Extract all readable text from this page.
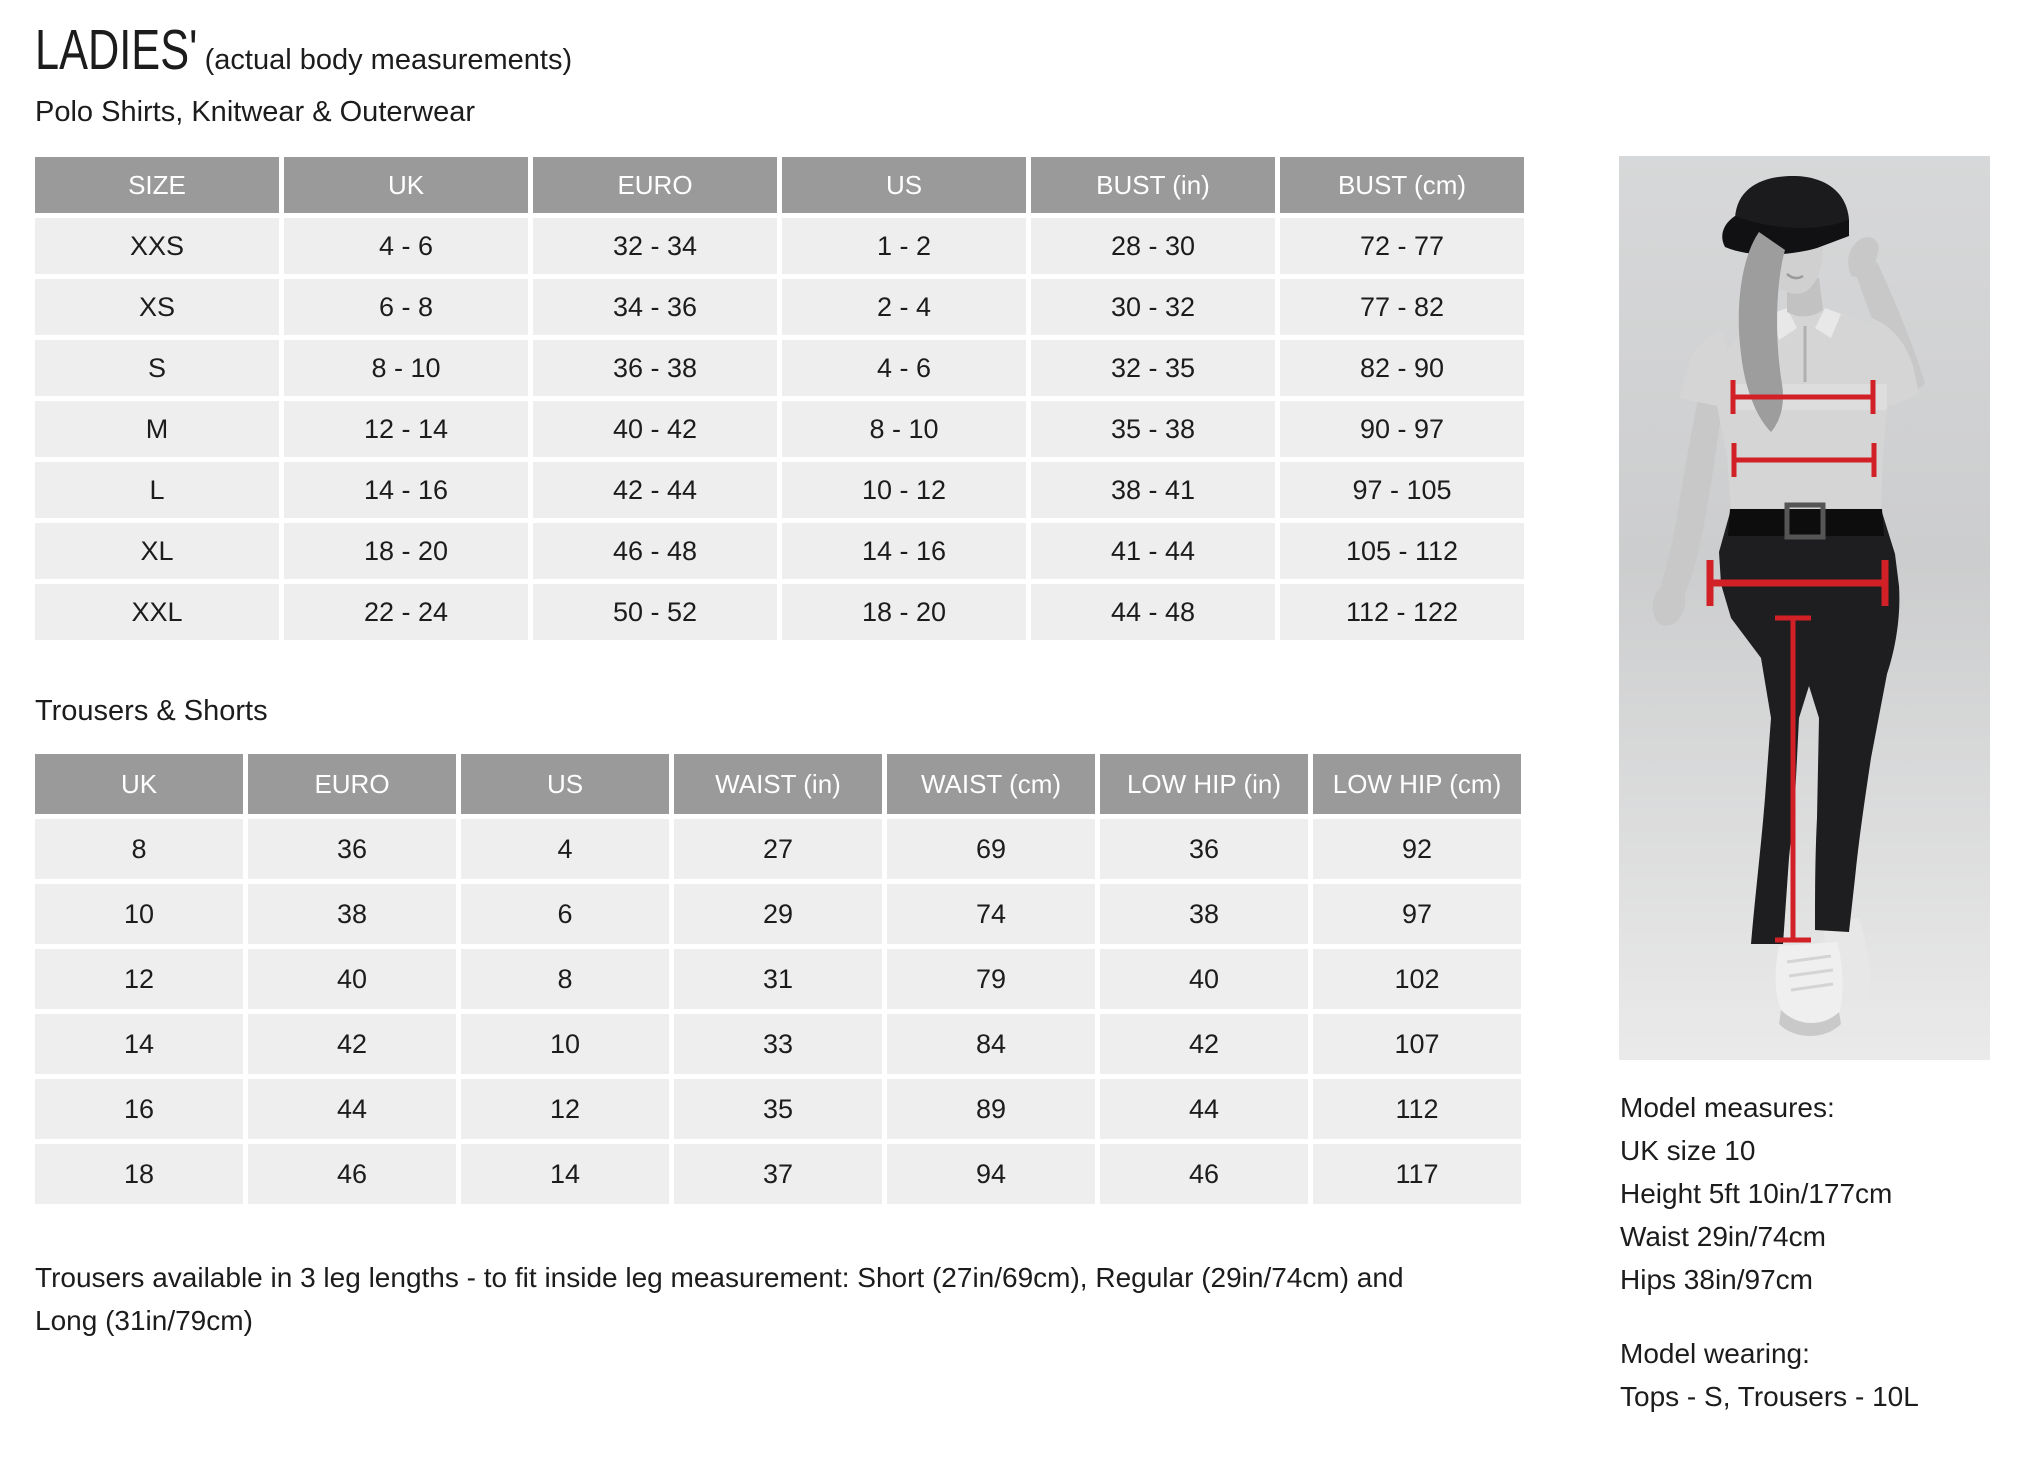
LADIES' (actual body measurements)
Polo Shirts, Knitwear & Outerwear
SIZE	UK	EURO	US	BUST (in)	BUST (cm)
XXS	4 - 6	32 - 34	1 - 2	28 - 30	72 - 77
XS	6 - 8	34 - 36	2 - 4	30 - 32	77 - 82
S	8 - 10	36 - 38	4 - 6	32 - 35	82 - 90
M	12 - 14	40 - 42	8 - 10	35 - 38	90 - 97
L	14 - 16	42 - 44	10 - 12	38 - 41	97 - 105
XL	18 - 20	46 - 48	14 - 16	41 - 44	105 - 112
XXL	22 - 24	50 - 52	18 - 20	44 - 48	112 - 122
Trousers & Shorts
UK	EURO	US	WAIST (in)	WAIST (cm)	LOW HIP (in)	LOW HIP (cm)
8	36	4	27	69	36	92
10	38	6	29	74	38	97
12	40	8	31	79	40	102
14	42	10	33	84	42	107
16	44	12	35	89	44	112
18	46	14	37	94	46	117
Trousers available in 3 leg lengths - to fit inside leg measurement: Short (27in/69cm), Regular (29in/74cm) and
Long (31in/79cm)
Model measures:
UK size 10
Height 5ft 10in/177cm
Waist 29in/74cm
Hips 38in/97cm
Model wearing:
Tops - S, Trousers - 10L
